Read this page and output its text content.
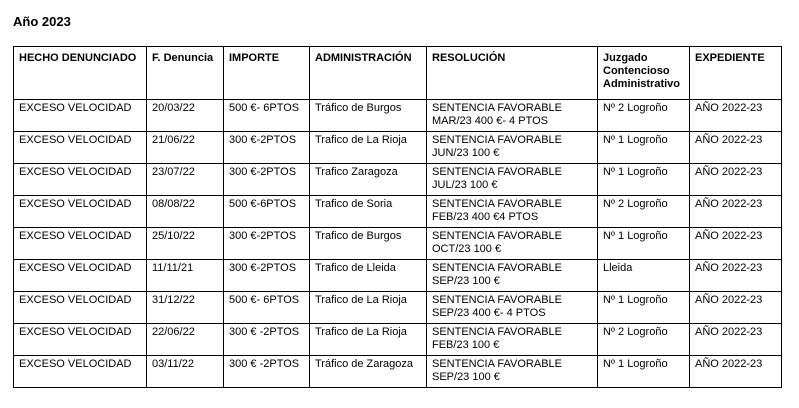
Año 2023
HECHO DENUNCIADO	F. Denuncia	IMPORTE	ADMINISTRACIÓN	RESOLUCIÓN	Juzgado Contencioso Administrativo	EXPEDIENTE
EXCESO VELOCIDAD	20/03/22	500 €- 6PTOS	Tráfico de Burgos	SENTENCIA FAVORABLE
MAR/23 400 €- 4 PTOS	Nº 2 Logroño	AÑO 2022-23
EXCESO VELOCIDAD	21/06/22	300 €-2PTOS	Trafico de La Rioja	SENTENCIA FAVORABLE
JUN/23 100 €	Nº 1 Logroño	AÑO 2022-23
EXCESO VELOCIDAD	23/07/22	300 €-2PTOS	Trafico Zaragoza	SENTENCIA FAVORABLE
JUL/23 100 €	Nº 1 Logroño	AÑO 2022-23
EXCESO VELOCIDAD	08/08/22	500 €-6PTOS	Trafico de Soria	SENTENCIA FAVORABLE
FEB/23 400 €4 PTOS	Nº 2 Logroño	AÑO 2022-23
EXCESO VELOCIDAD	25/10/22	300 €-2PTOS	Trafico de Burgos	SENTENCIA FAVORABLE
OCT/23 100 €	Nº 1 Logroño	AÑO 2022-23
EXCESO VELOCIDAD	11/11/21	300 €-2PTOS	Trafico de Lleida	SENTENCIA FAVORABLE
SEP/23 100 €	Lleida	AÑO 2022-23
EXCESO VELOCIDAD	31/12/22	500 €- 6PTOS	Trafico de La Rioja	SENTENCIA FAVORABLE
SEP/23 400 €- 4 PTOS	Nº 1 Logroño	AÑO 2022-23
EXCESO VELOCIDAD	22/06/22	300 € -2PTOS	Trafico de La Rioja	SENTENCIA FAVORABLE
FEB/23 100 €	Nº 2 Logroño	AÑO 2022-23
EXCESO VELOCIDAD	03/11/22	300 € -2PTOS	Tráfico de Zaragoza	SENTENCIA FAVORABLE
SEP/23 100 €	Nº 1 Logroño	AÑO 2022-23
